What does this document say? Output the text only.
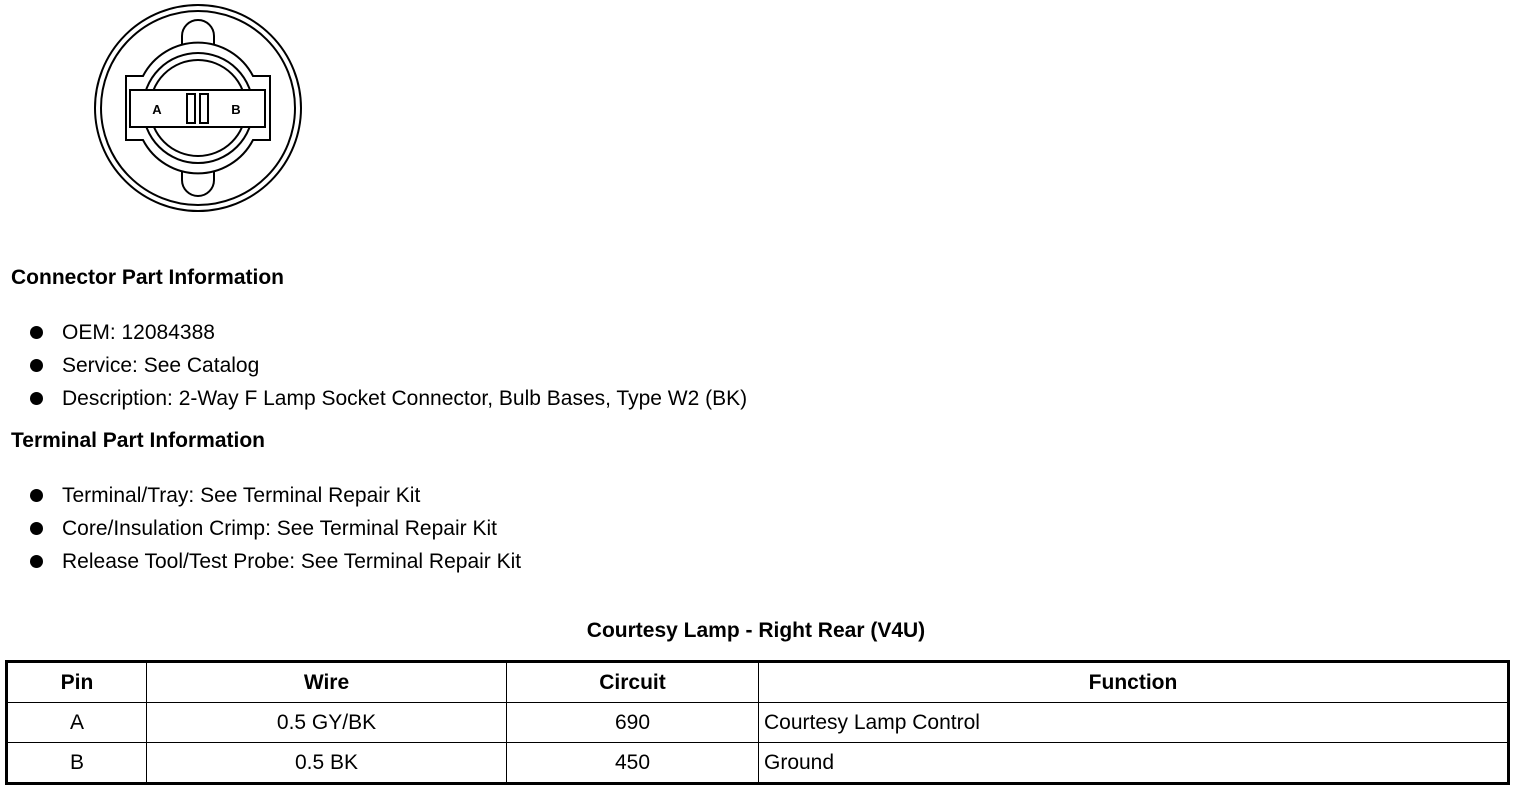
A	B
Connector Part Information
OEM: 12084388
Service: See Catalog
Description: 2-Way F Lamp Socket Connector, Bulb Bases, Type W2 (BK)
Terminal Part Information
Terminal/Tray: See Terminal Repair Kit
Core/Insulation Crimp: See Terminal Repair Kit
Release Tool/Test Probe: See Terminal Repair Kit
Courtesy Lamp - Right Rear (V4U)
Pin	Wire	Circuit	Function
A	0.5 GY/BK	690	Courtesy Lamp Control
B	0.5 BK	450	Ground
